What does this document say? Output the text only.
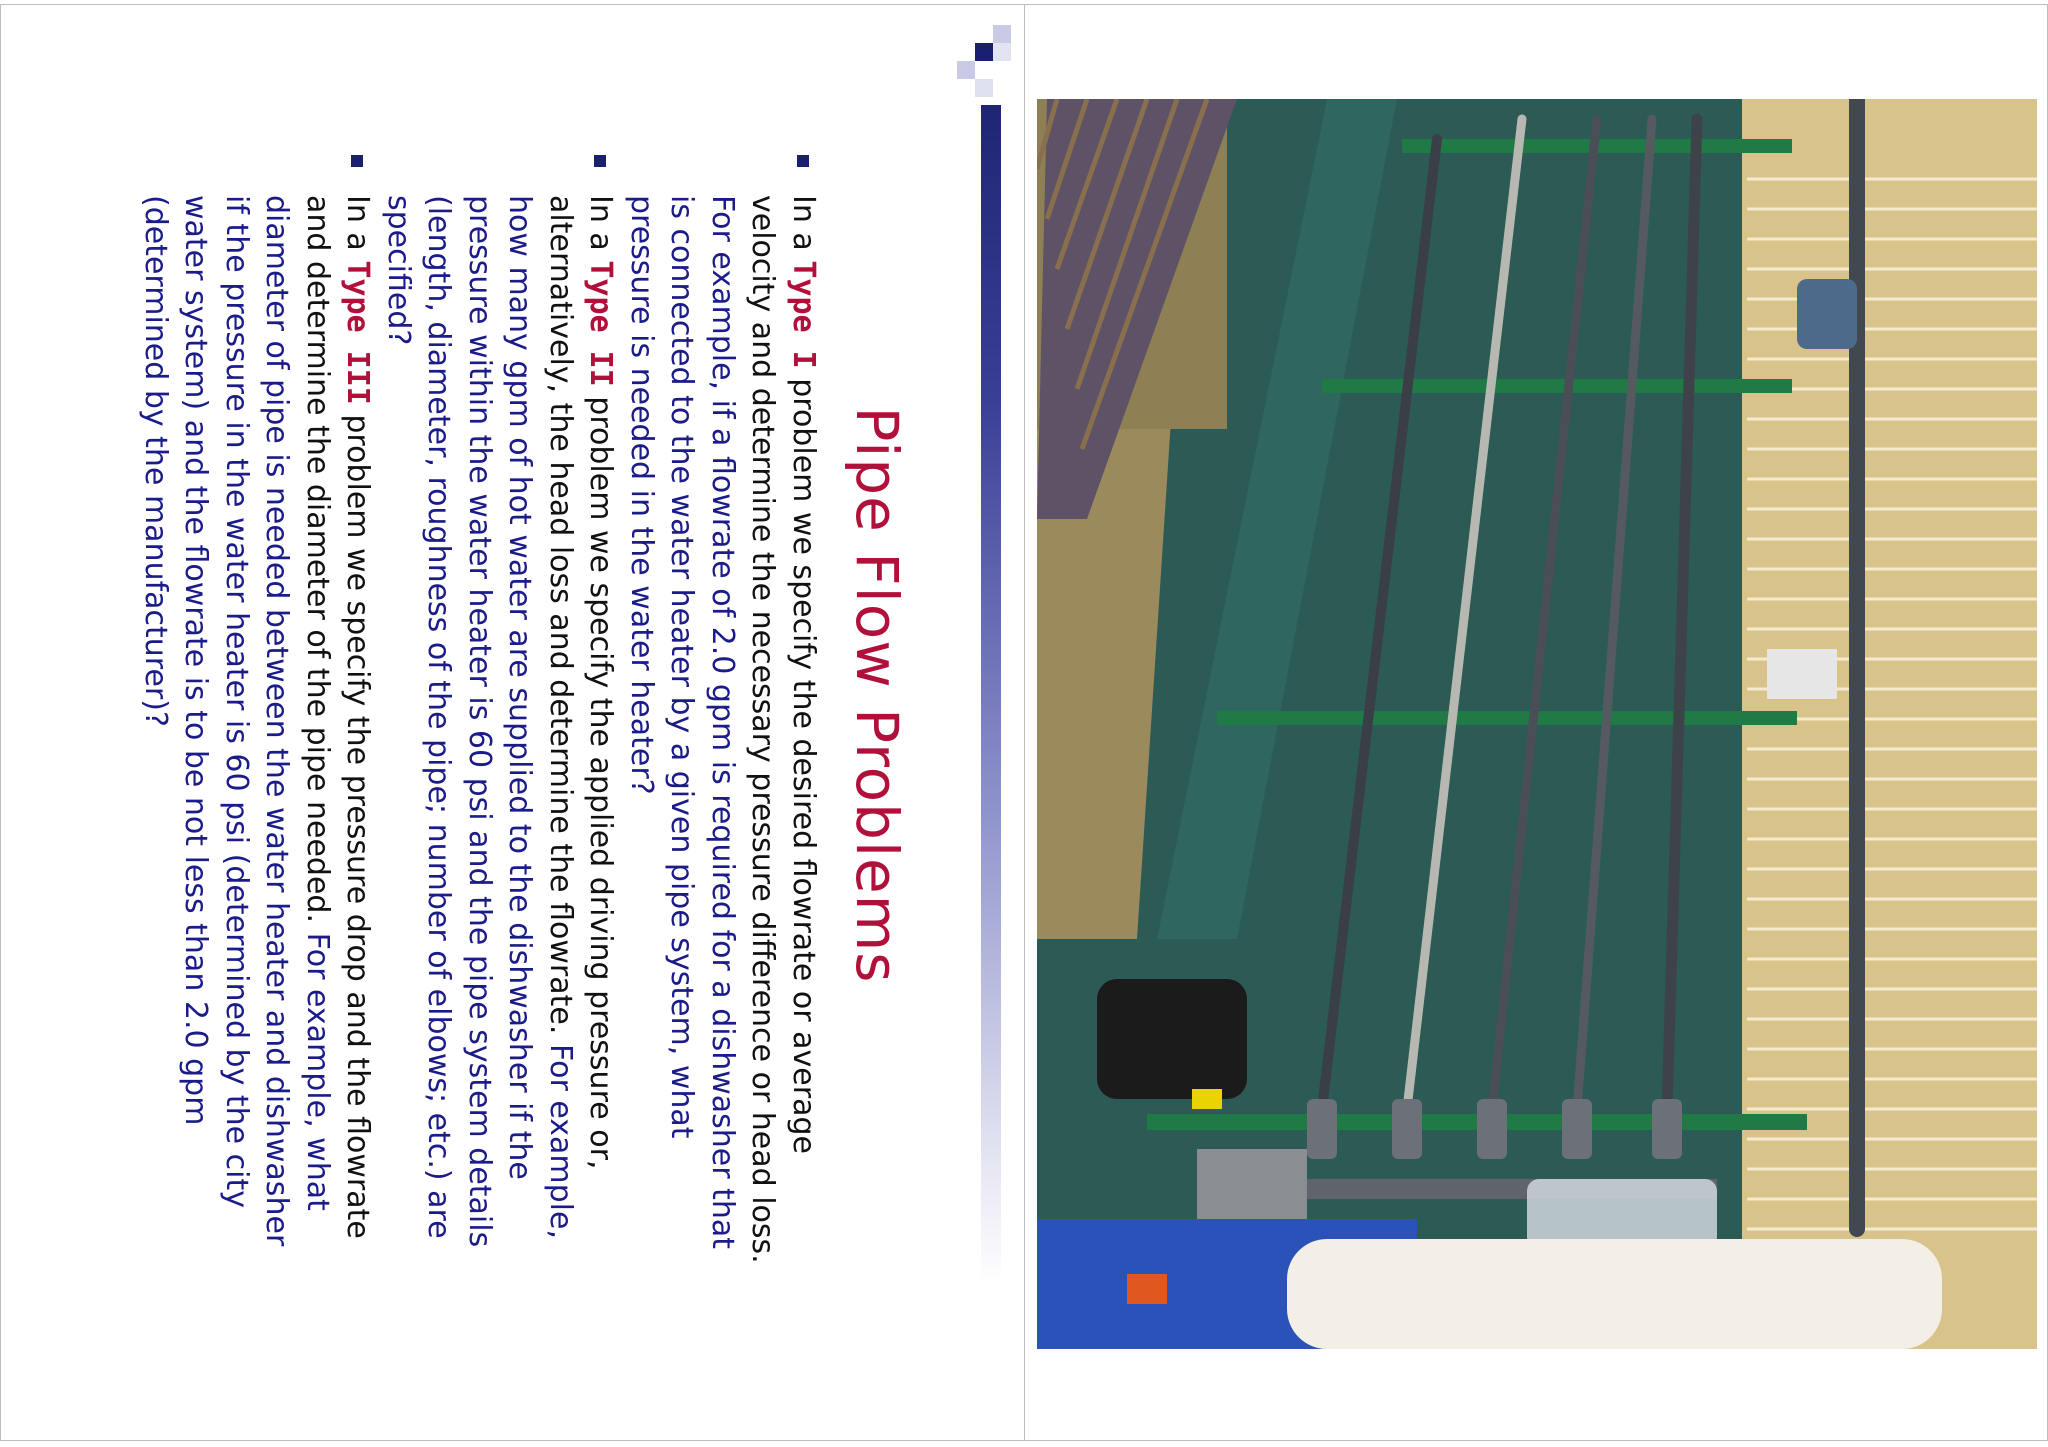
Pipe Flow Problems
In a Type I problem we specify the desired flowrate or average velocity and determine the necessary pressure difference or head loss. For example, if a flowrate of 2.0 gpm is required for a dishwasher that is connected to the water heater by a given pipe system, what pressure is needed in the water heater?
In a Type II problem we specify the applied driving pressure or, alternatively, the head loss and determine the flowrate. For example, how many gpm of hot water are supplied to the dishwasher if the pressure within the water heater is 60 psi and the pipe system details (length, diameter, roughness of the pipe; number of elbows; etc.) are specified?
In a Type III problem we specify the pressure drop and the flowrate and determine the diameter of the pipe needed. For example, what diameter of pipe is needed between the water heater and dishwasher if the pressure in the water heater is 60 psi (determined by the city water system) and the flowrate is to be not less than 2.0 gpm (determined by the manufacturer)?
